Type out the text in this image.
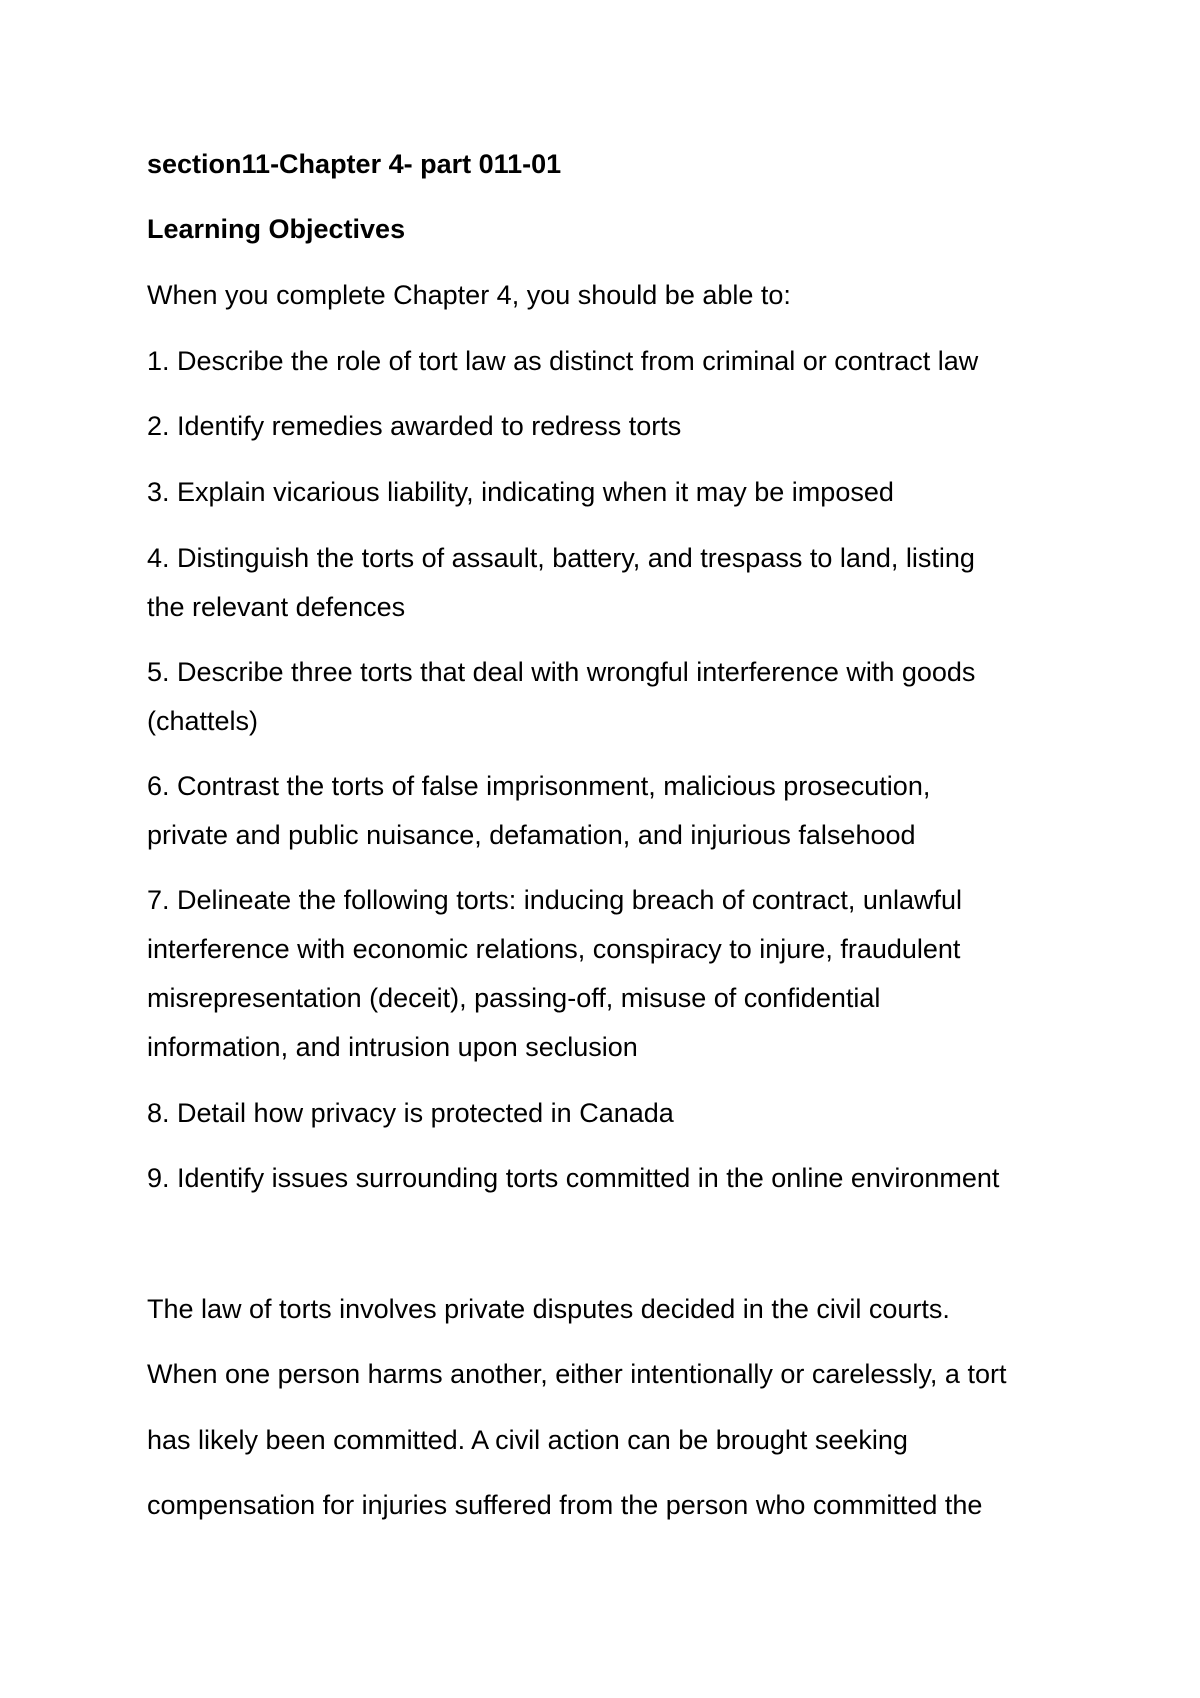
section11-Chapter 4- part 011-01
Learning Objectives
When you complete Chapter 4, you should be able to:
1. Describe the role of tort law as distinct from criminal or contract law
2. Identify remedies awarded to redress torts
3. Explain vicarious liability, indicating when it may be imposed
4. Distinguish the torts of assault, battery, and trespass to land, listing
the relevant defences
5. Describe three torts that deal with wrongful interference with goods
(chattels)
6. Contrast the torts of false imprisonment, malicious prosecution,
private and public nuisance, defamation, and injurious falsehood
7. Delineate the following torts: inducing breach of contract, unlawful
interference with economic relations, conspiracy to injure, fraudulent
misrepresentation (deceit), passing-off, misuse of confidential
information, and intrusion upon seclusion
8. Detail how privacy is protected in Canada
9. Identify issues surrounding torts committed in the online environment
The law of torts involves private disputes decided in the civil courts.
When one person harms another, either intentionally or carelessly, a tort
has likely been committed. A civil action can be brought seeking
compensation for injuries suffered from the person who committed the
